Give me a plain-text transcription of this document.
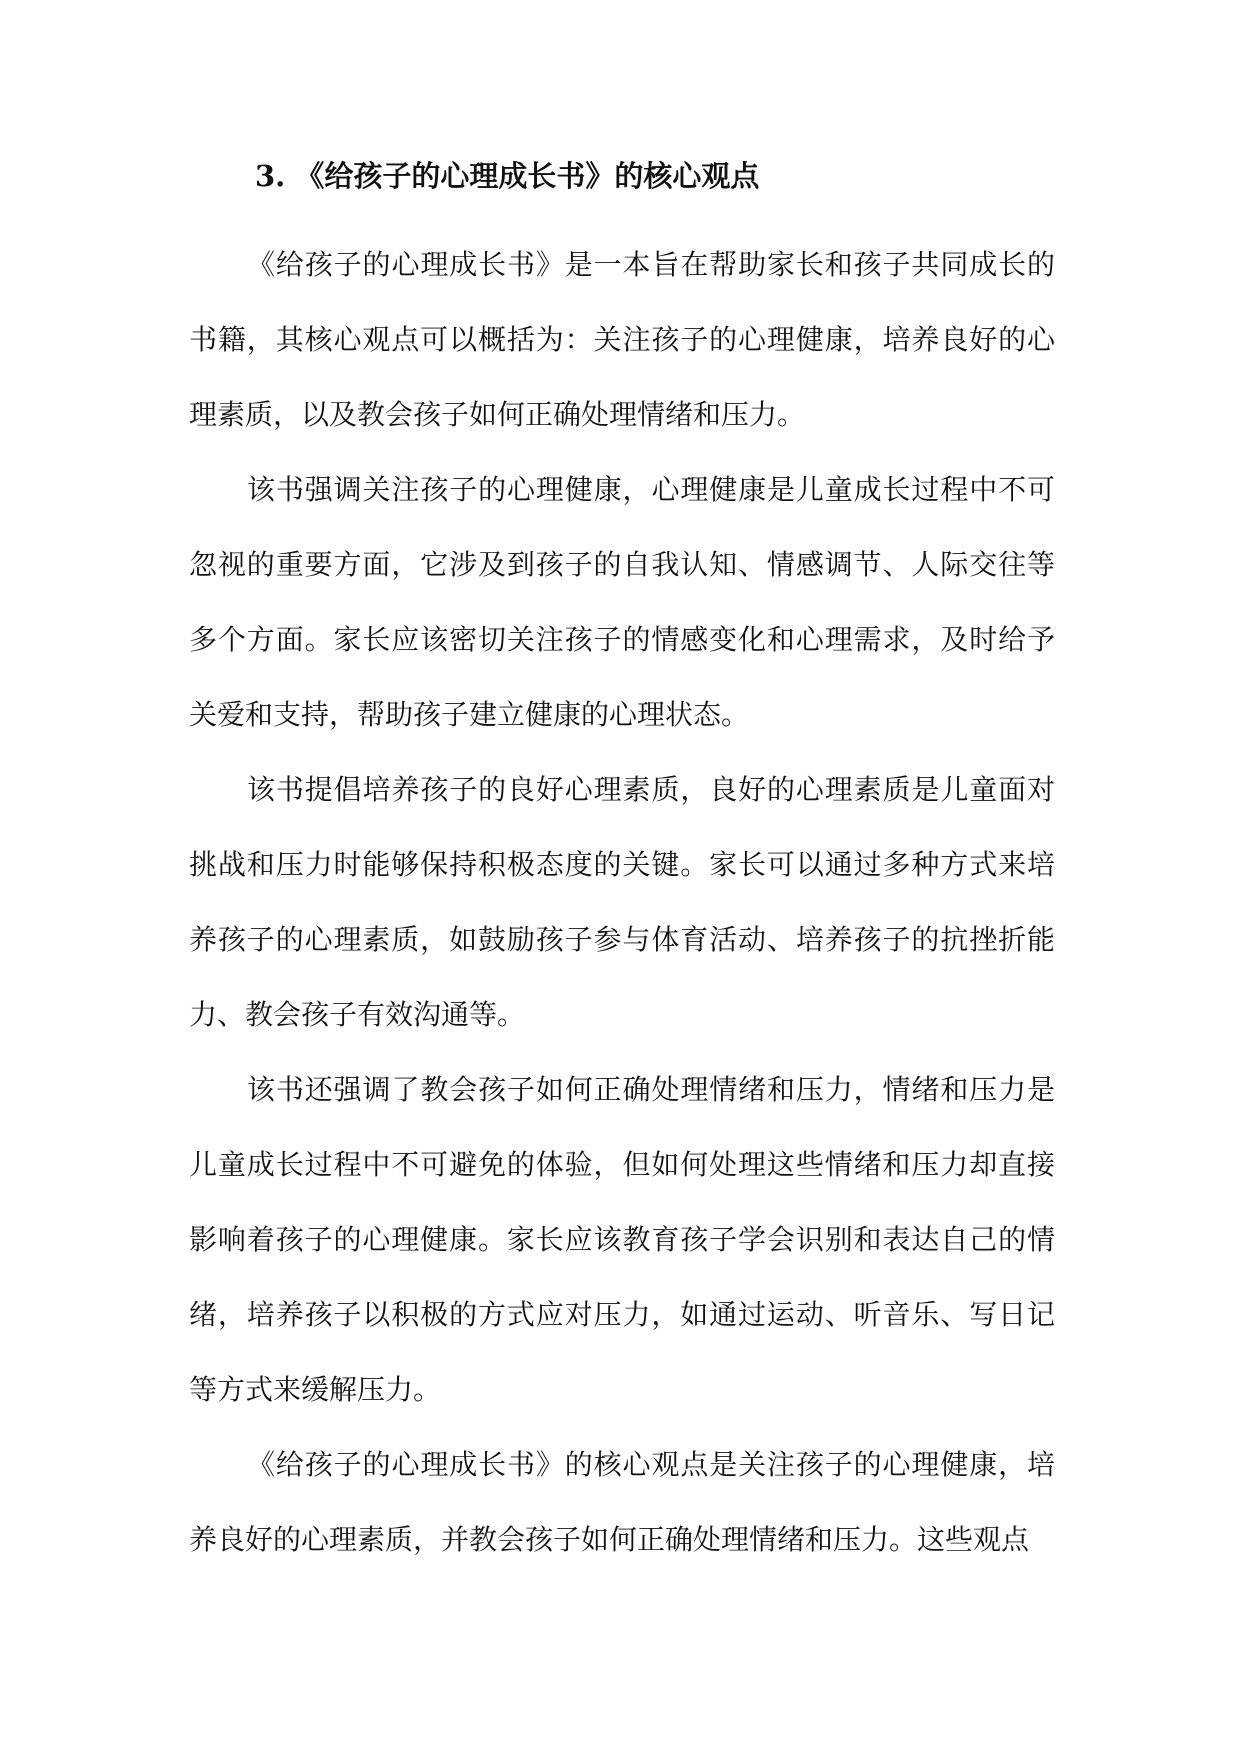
3. 《给孩子的心理成长书》的核心观点

《给孩子的心理成长书》是一本旨在帮助家长和孩子共同成长的书籍，其核心观点可以概括为：关注孩子的心理健康，培养良好的心理素质，以及教会孩子如何正确处理情绪和压力。

该书强调关注孩子的心理健康，心理健康是儿童成长过程中不可忽视的重要方面，它涉及到孩子的自我认知、情感调节、人际交往等多个方面。家长应该密切关注孩子的情感变化和心理需求，及时给予关爱和支持，帮助孩子建立健康的心理状态。

该书提倡培养孩子的良好心理素质，良好的心理素质是儿童面对挑战和压力时能够保持积极态度的关键。家长可以通过多种方式来培养孩子的心理素质，如鼓励孩子参与体育活动、培养孩子的抗挫折能力、教会孩子有效沟通等。

该书还强调了教会孩子如何正确处理情绪和压力，情绪和压力是儿童成长过程中不可避免的体验，但如何处理这些情绪和压力却直接影响着孩子的心理健康。家长应该教育孩子学会识别和表达自己的情绪，培养孩子以积极的方式应对压力，如通过运动、听音乐、写日记等方式来缓解压力。

《给孩子的心理成长书》的核心观点是关注孩子的心理健康，培养良好的心理素质，并教会孩子如何正确处理情绪和压力。这些观点
